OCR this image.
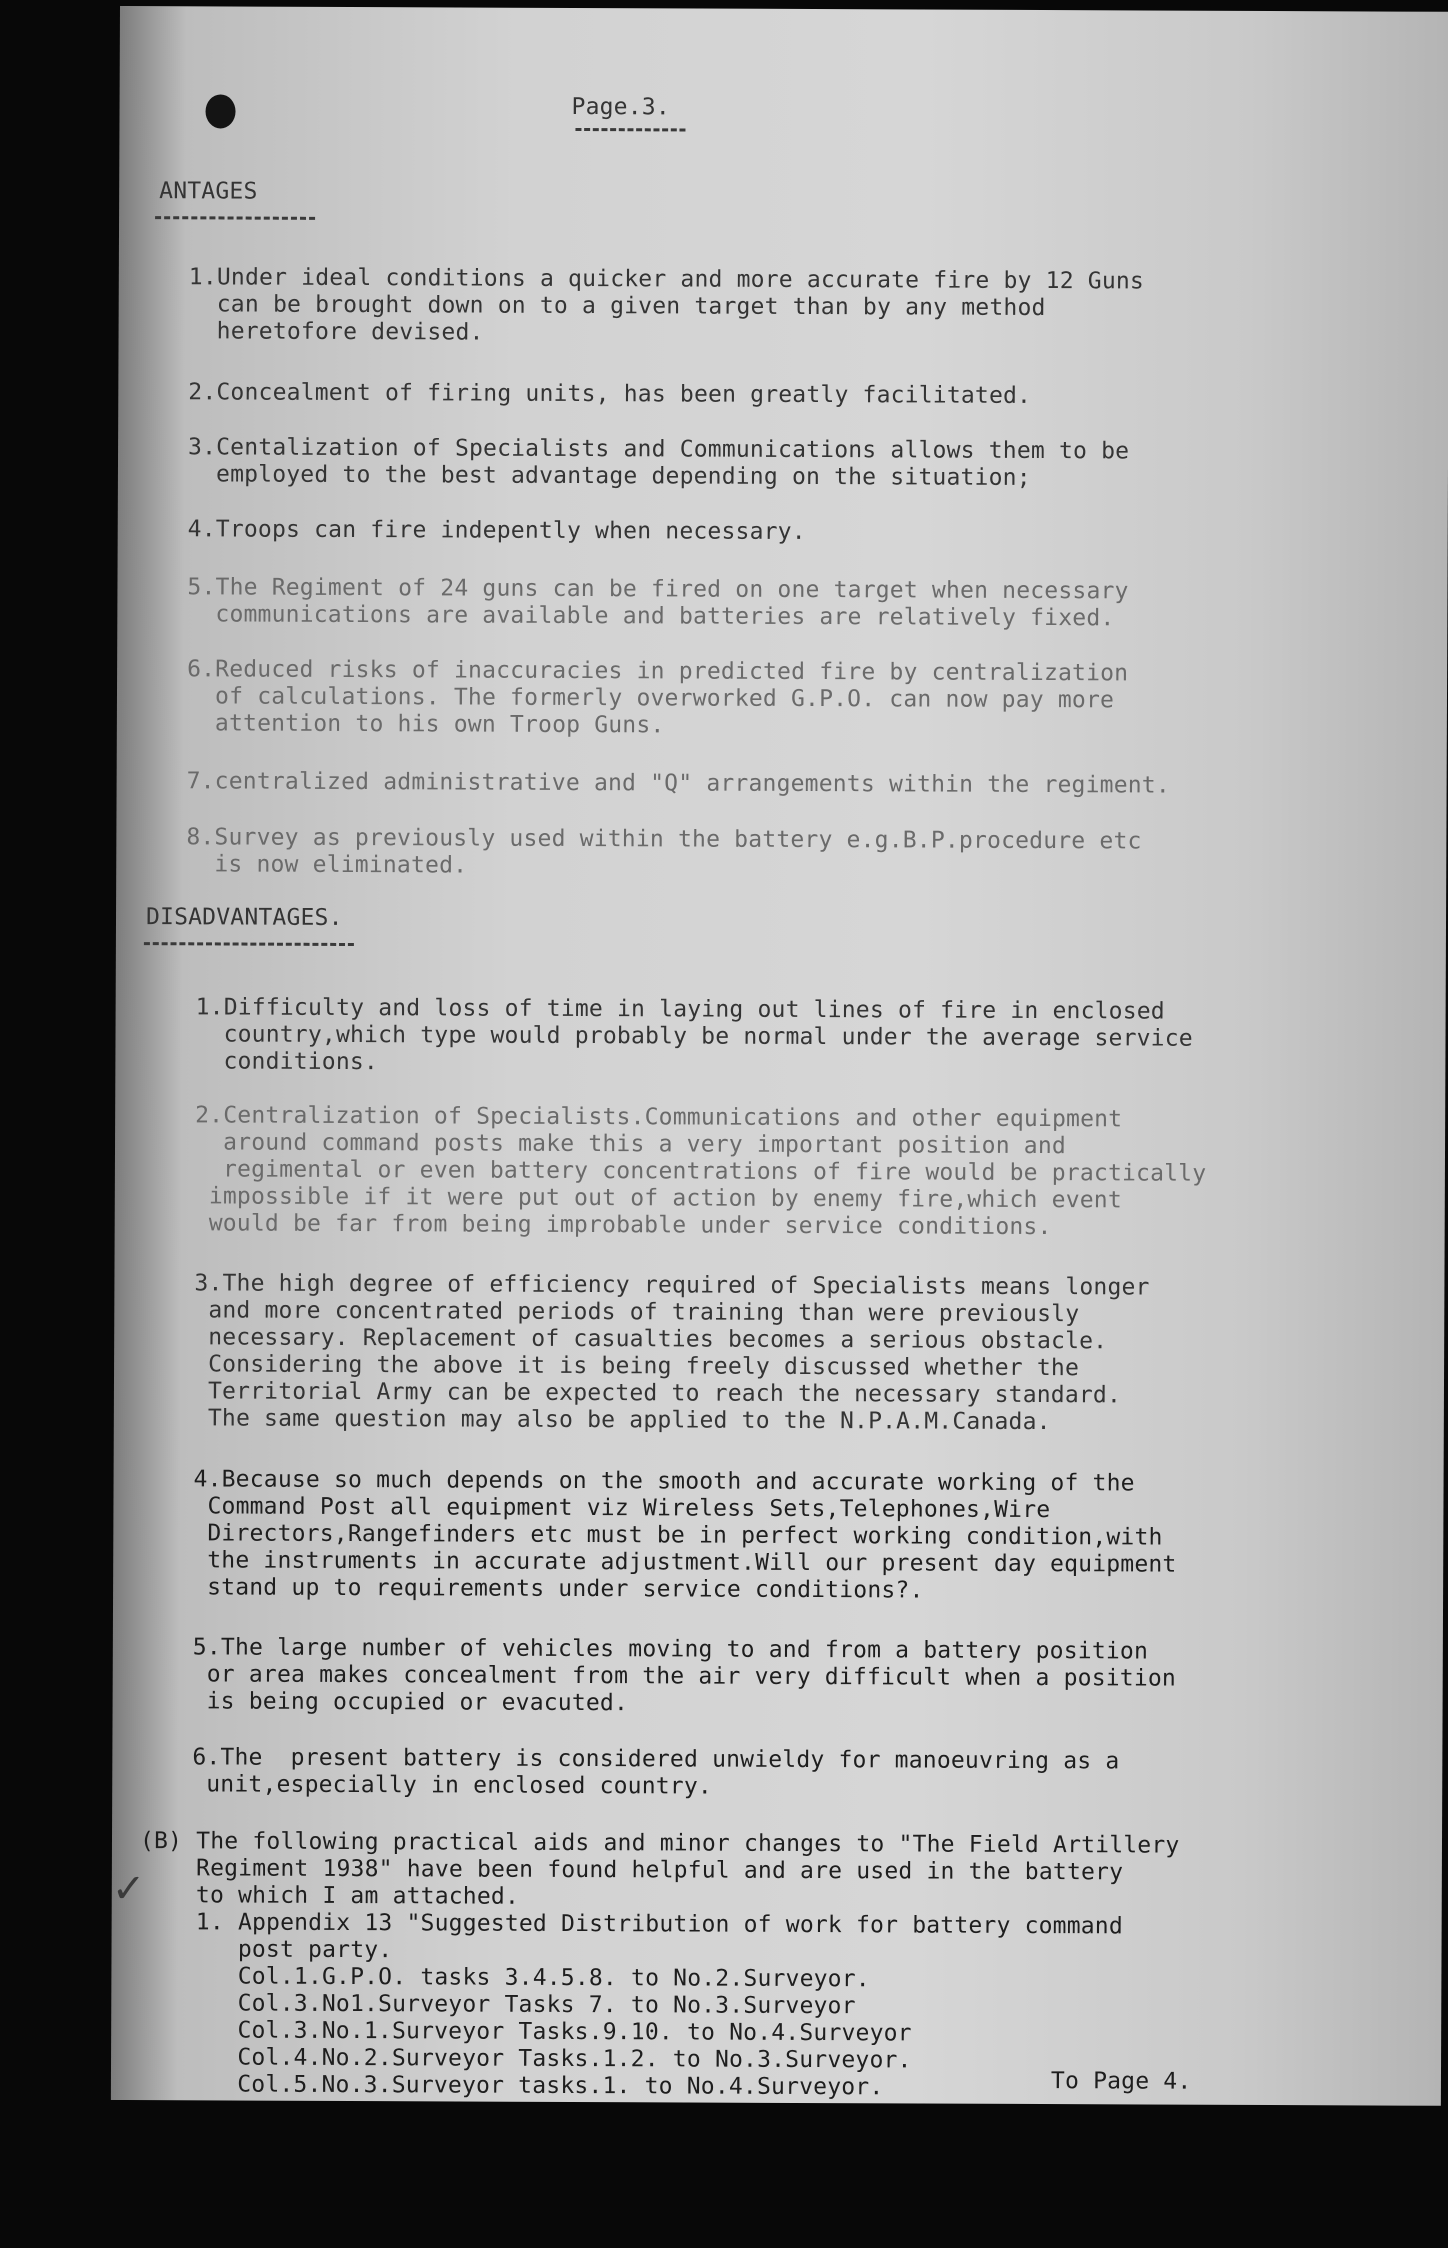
Page.3.
ANTAGES
1.Under ideal conditions a quicker and more accurate fire by 12 Guns
can be brought down on to a given target than by any method
heretofore devised.
2.Concealment of firing units, has been greatly facilitated.
3.Centalization of Specialists and Communications allows them to be
employed to the best advantage depending on the situation;
4.Troops can fire indepently when necessary.
5.The Regiment of 24 guns can be fired on one target when necessary
communications are available and batteries are relatively fixed.
6.Reduced risks of inaccuracies in predicted fire by centralization
of calculations. The formerly overworked G.P.O. can now pay more
attention to his own Troop Guns.
7.centralized administrative and "Q" arrangements within the regiment.
8.Survey as previously used within the battery e.g.B.P.procedure etc
is now eliminated.
DISADVANTAGES.
1.Difficulty and loss of time in laying out lines of fire in enclosed
country,which type would probably be normal under the average service
conditions.
2.Centralization of Specialists.Communications and other equipment
around command posts make this a very important position and
regimental or even battery concentrations of fire would be practically
impossible if it were put out of action by enemy fire,which event
would be far from being improbable under service conditions.
3.The high degree of efficiency required of Specialists means longer
and more concentrated periods of training than were previously
necessary. Replacement of casualties becomes a serious obstacle.
Considering the above it is being freely discussed whether the
Territorial Army can be expected to reach the necessary standard.
The same question may also be applied to the N.P.A.M.Canada.
4.Because so much depends on the smooth and accurate working of the
Command Post all equipment viz Wireless Sets,Telephones,Wire
Directors,Rangefinders etc must be in perfect working condition,with
the instruments in accurate adjustment.Will our present day equipment
stand up to requirements under service conditions?.
5.The large number of vehicles moving to and from a battery position
or area makes concealment from the air very difficult when a position
is being occupied or evacuted.
6.The  present battery is considered unwieldy for manoeuvring as a
unit,especially in enclosed country.
(B) The following practical aids and minor changes to "The Field Artillery
Regiment 1938" have been found helpful and are used in the battery
to which I am attached.
1. Appendix 13 "Suggested Distribution of work for battery command
post party.
Col.1.G.P.O. tasks 3.4.5.8. to No.2.Surveyor.
Col.3.No1.Surveyor Tasks 7. to No.3.Surveyor
Col.3.No.1.Surveyor Tasks.9.10. to No.4.Surveyor
Col.4.No.2.Surveyor Tasks.1.2. to No.3.Surveyor.
Col.5.No.3.Surveyor tasks.1. to No.4.Surveyor.
✓
To Page 4.
